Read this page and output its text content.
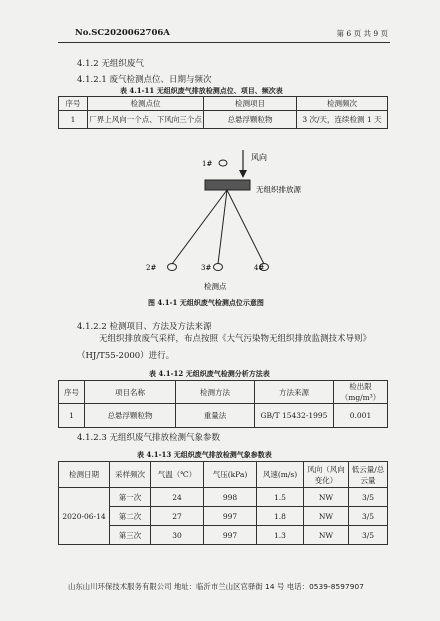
No.SC2020062706A	第 6 页 共 9 页
4.1.2 无组织废气
4.1.2.1 废气检测点位、日期与频次
表 4.1-11 无组织废气排放检测点位、项目、频次表
序号	检测点位	检测项目	检测频次
1	厂界上风向一个点、下风向三个点	总悬浮颗粒物	3 次/天，连续检测 1 天
风向
1#
无组织排放源
2#	3#	4#
检测点
图 4.1-1 无组织废气检测点位示意图
4.1.2.2 检测项目、方法及方法来源
无组织排放废气采样，布点按照《大气污染物无组织排放监测技术导则》
（HJ/T55-2000）进行。
表 4.1-12 无组织废气检测分析方法表
序号	项目名称	检测方法	方法来源	检出限（mg/m³）
1	总悬浮颗粒物	重量法	GB/T 15432-1995	0.001
4.1.2.3 无组织废气排放检测气象参数
表 4.1-13 无组织废气排放检测气象参数表
检测日期	采样频次	气温（℃）	气压(kPa)	风速(m/s)	风向（风向变化）	低云量/总云量
2020-06-14	第一次	24	998	1.5	NW	3/5
	第二次	27	997	1.8	NW	3/5
	第三次	30	997	1.3	NW	3/5
山东山川环保技术服务有限公司 地址：临沂市兰山区官驿街 14 号 电话：0539-8597907
